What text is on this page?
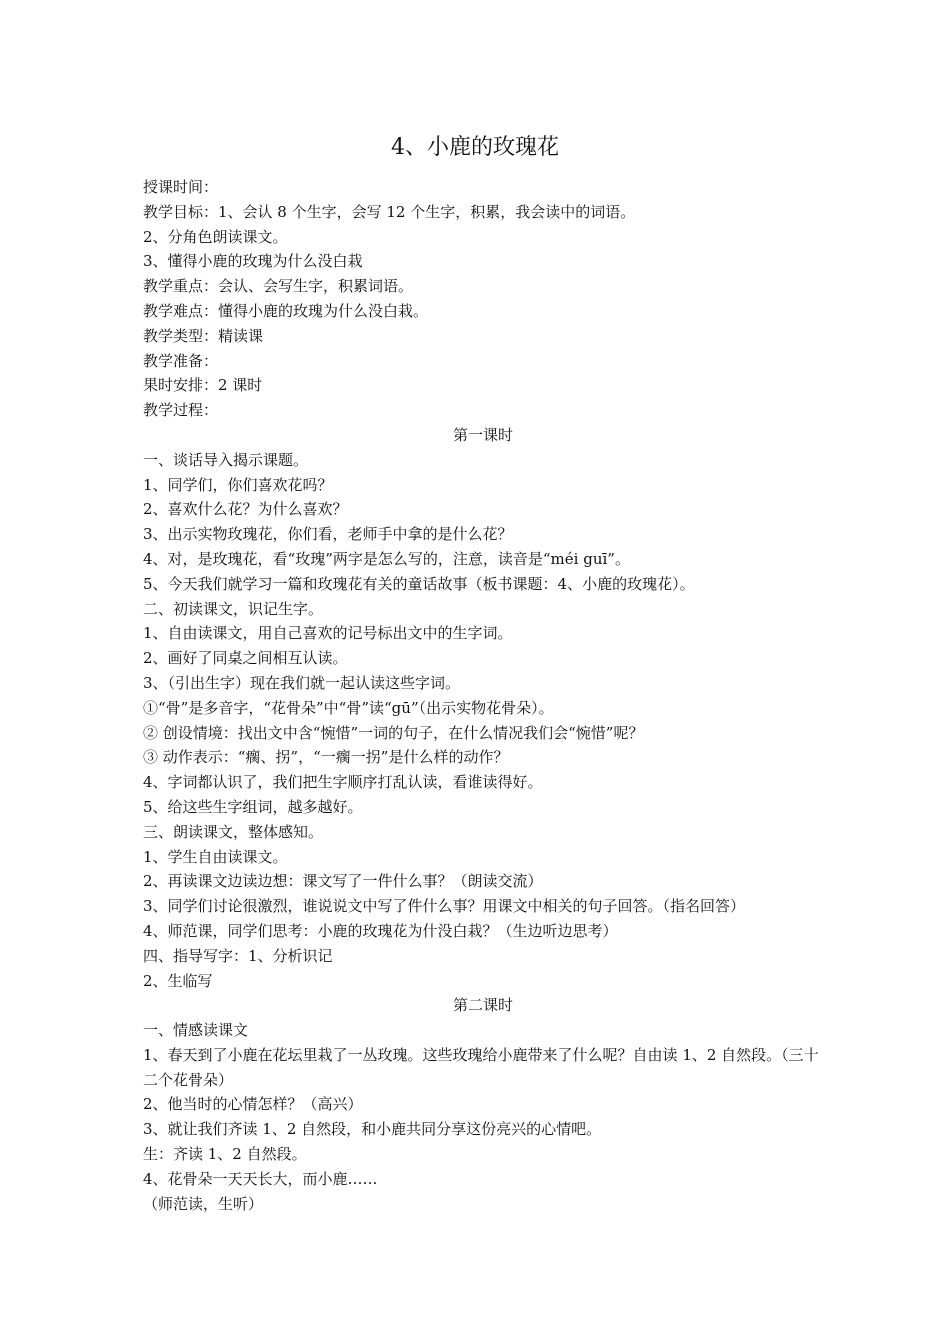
4、小鹿的玫瑰花
授课时间：
教学目标：1、会认 8 个生字，会写 12 个生字，积累，我会读中的词语。
2、分角色朗读课文。
3、懂得小鹿的玫瑰为什么没白栽
教学重点：会认、会写生字，积累词语。
教学难点：懂得小鹿的玫瑰为什么没白栽。
教学类型：精读课
教学准备：
果时安排：2 课时
教学过程：
第一课时
一、谈话导入揭示课题。
1、同学们，你们喜欢花吗？
2、喜欢什么花？为什么喜欢？
3、出示实物玫瑰花，你们看，老师手中拿的是什么花？
4、对，是玫瑰花，看“玫瑰”两字是怎么写的，注意，读音是“méi guī”。
5、今天我们就学习一篇和玫瑰花有关的童话故事（板书课题：4、小鹿的玫瑰花）。
二、初读课文，识记生字。
1、自由读课文，用自己喜欢的记号标出文中的生字词。
2、画好了同桌之间相互认读。
3、（引出生字）现在我们就一起认读这些字词。
①“骨”是多音字，“花骨朵”中“骨”读“gū”（出示实物花骨朵）。
② 创设情境：找出文中含“惋惜”一词的句子，在什么情况我们会“惋惜”呢？
③ 动作表示：“瘸、拐”，“一瘸一拐”是什么样的动作？
4、字词都认识了，我们把生字顺序打乱认读，看谁读得好。
5、给这些生字组词，越多越好。
三、朗读课文，整体感知。
1、学生自由读课文。
2、再读课文边读边想：课文写了一件什么事？（朗读交流）
3、同学们讨论很激烈，谁说说文中写了件什么事？用课文中相关的句子回答。（指名回答）
4、师范课，同学们思考：小鹿的玫瑰花为什没白栽？（生边听边思考）
四、指导写字：1、分析识记
2、生临写
第二课时
一、情感读课文
1、春天到了小鹿在花坛里栽了一丛玫瑰。这些玫瑰给小鹿带来了什么呢？自由读 1、2 自然段。（三十二个花骨朵）
2、他当时的心情怎样？（高兴）
3、就让我们齐读 1、2 自然段，和小鹿共同分享这份亮兴的心情吧。
生：齐读 1、2 自然段。
4、花骨朵一天天长大，而小鹿……
（师范读，生听）
